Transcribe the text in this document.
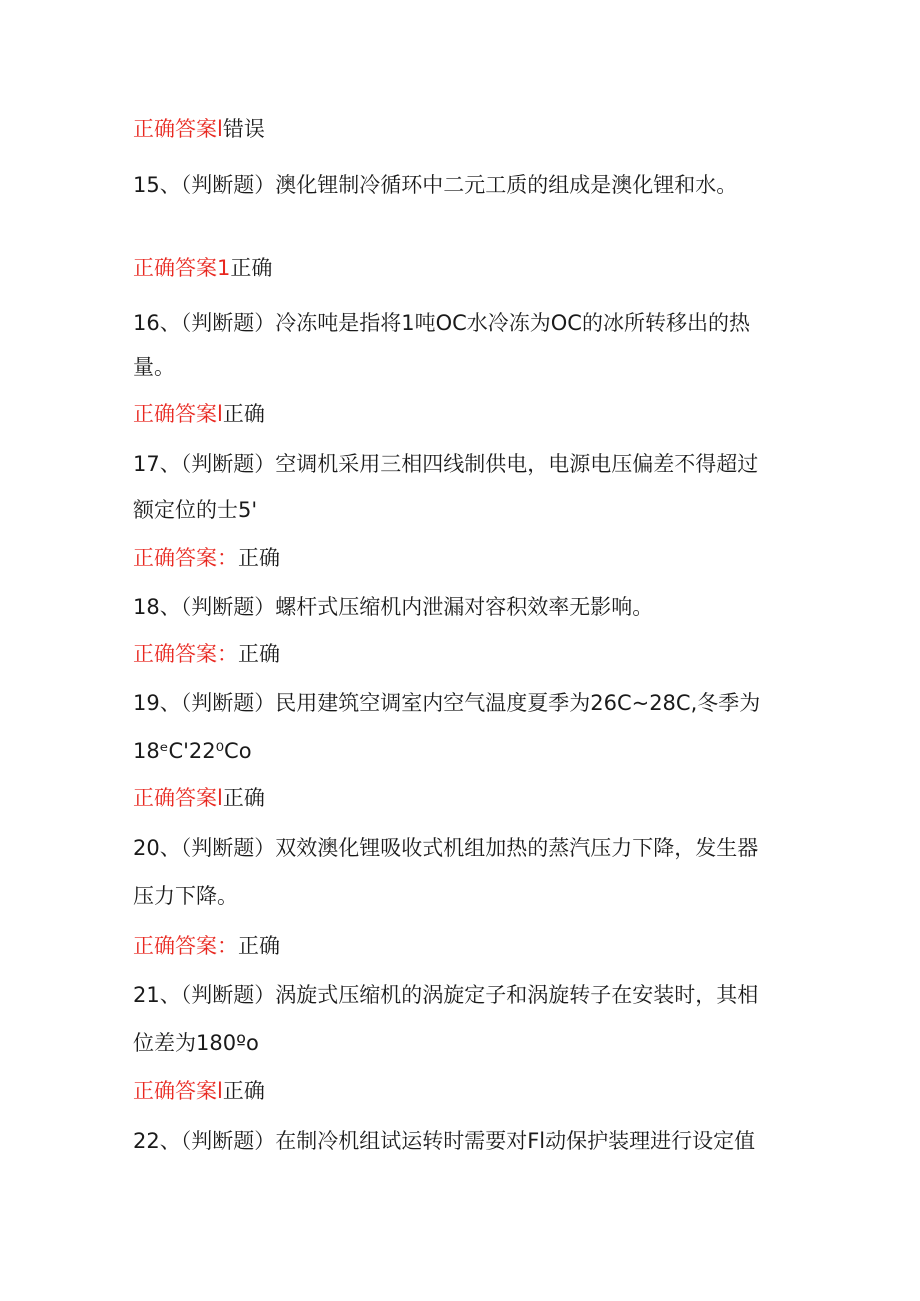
正确答案l错误
15、（判断题）澳化锂制冷循环中二元工质的组成是澳化锂和水。
正确答案1正确
16、（判断题）冷冻吨是指将1吨OC水冷冻为OC的冰所转移出的热
量。
正确答案l正确
17、（判断题）空调机采用三相四线制供电，电源电压偏差不得超过
额定位的士5'
正确答案：正确
18、（判断题）螺杆式压缩机内泄漏对容积效率无影响。
正确答案：正确
19、（判断题）民用建筑空调室内空气温度夏季为26C~28C,冬季为
18ᵉC'22⁰Co
正确答案l正确
20、（判断题）双效澳化锂吸收式机组加热的蒸汽压力下降，发生器
压力下降。
正确答案：正确
21、（判断题）涡旋式压缩机的涡旋定子和涡旋转子在安装时，其相
位差为180ºo
正确答案l正确
22、（判断题）在制冷机组试运转时需要对Fl动保护装理进行设定值
